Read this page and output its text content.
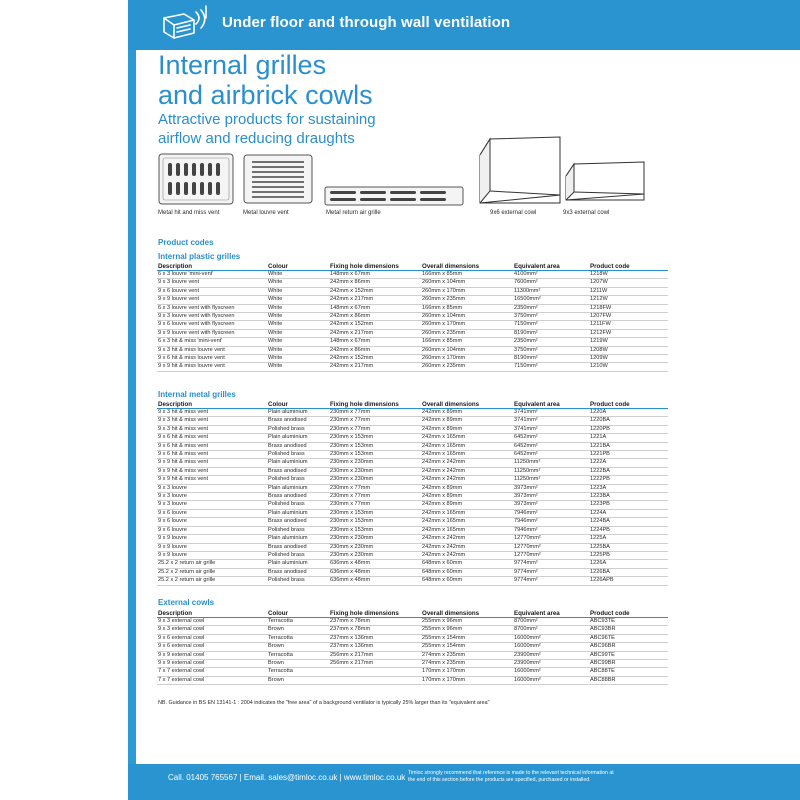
Under floor and through wall ventilation
Internal grilles
and airbrick cowls
Attractive products for sustaining
airflow and reducing draughts
Metal hit and miss vent	Metal louvre vent	Metal return air grille	9x6 external cowl	9x3 external cowl
Product codes
Internal plastic grilles
Description	Colour	Fixing hole dimensions	Overall dimensions	Equivalent area	Product code
6 x 3 louvre 'mini-vent'	White	148mm x 67mm	166mm x 85mm	4100mm²	1218W
9 x 3 louvre vent	White	242mm x 86mm	260mm x 104mm	7600mm²	1207W
9 x 6 louvre vent	White	242mm x 152mm	260mm x 170mm	11300mm²	1211W
9 x 9 louvre vent	White	242mm x 217mm	260mm x 235mm	16500mm²	1212W
6 x 3 louvre vent with flyscreen	White	148mm x 67mm	166mm x 85mm	2350mm²	1218FW
9 x 3 louvre vent with flyscreen	White	242mm x 86mm	260mm x 104mm	3750mm²	1207FW
9 x 6 louvre vent with flyscreen	White	242mm x 152mm	260mm x 170mm	7150mm²	1211FW
9 x 9 louvre vent with flyscreen	White	242mm x 217mm	260mm x 235mm	8190mm²	1212FW
6 x 3 hit & miss 'mini-vent'	White	148mm x 67mm	166mm x 85mm	2350mm²	1219W
9 x 3 hit & miss louvre vent	White	242mm x 86mm	260mm x 104mm	3750mm²	1208W
9 x 6 hit & miss louvre vent	White	242mm x 152mm	260mm x 170mm	8190mm²	1209W
9 x 9 hit & miss louvre vent	White	242mm x 217mm	260mm x 235mm	7150mm²	1210W
Internal metal grilles
Description	Colour	Fixing hole dimensions	Overall dimensions	Equivalent area	Product code
9 x 3 hit & miss vent	Plain aluminium	230mm x 77mm	242mm x 89mm	3741mm²	1220A
9 x 3 hit & miss vent	Brass anodised	230mm x 77mm	242mm x 89mm	3741mm²	1220BA
9 x 3 hit & miss vent	Polished brass	230mm x 77mm	242mm x 89mm	3741mm²	1220PB
9 x 6 hit & miss vent	Plain aluminium	230mm x 153mm	242mm x 165mm	6452mm²	1221A
9 x 6 hit & miss vent	Brass anodised	230mm x 153mm	242mm x 165mm	6452mm²	1221BA
9 x 6 hit & miss vent	Polished brass	230mm x 153mm	242mm x 165mm	6452mm²	1221PB
9 x 9 hit & miss vent	Plain aluminium	230mm x 230mm	242mm x 242mm	11250mm²	1222A
9 x 9 hit & miss vent	Brass anodised	230mm x 230mm	242mm x 242mm	11250mm²	1222BA
9 x 9 hit & miss vent	Polished brass	230mm x 230mm	242mm x 242mm	11250mm²	1222PB
9 x 3 louvre	Plain aluminium	230mm x 77mm	242mm x 89mm	3973mm²	1223A
9 x 3 louvre	Brass anodised	230mm x 77mm	242mm x 89mm	3973mm²	1223BA
9 x 3 louvre	Polished brass	230mm x 77mm	242mm x 89mm	3973mm²	1223PB
9 x 6 louvre	Plain aluminium	230mm x 153mm	242mm x 165mm	7946mm²	1224A
9 x 6 louvre	Brass anodised	230mm x 153mm	242mm x 165mm	7946mm²	1224BA
9 x 6 louvre	Polished brass	230mm x 153mm	242mm x 165mm	7946mm²	1224PB
9 x 9 louvre	Plain aluminium	230mm x 230mm	242mm x 242mm	12770mm²	1225A
9 x 9 louvre	Brass anodised	230mm x 230mm	242mm x 242mm	12770mm²	1225BA
9 x 9 louvre	Polished brass	230mm x 230mm	242mm x 242mm	12770mm²	1225PB
25.2 x 2 return air grille	Plain aluminium	636mm x 48mm	648mm x 60mm	9774mm²	1226A
25.2 x 2 return air grille	Brass anodised	636mm x 48mm	648mm x 60mm	9774mm²	1226BA
25.2 x 2 return air grille	Polished brass	636mm x 48mm	648mm x 60mm	9774mm²	1226APB
External cowls
Description	Colour	Fixing hole dimensions	Overall dimensions	Equivalent area	Product code
9 x 3 external cowl	Terracotta	237mm x 78mm	255mm x 96mm	8700mm²	ABC93TE
9 x 3 external cowl	Brown	237mm x 78mm	255mm x 96mm	8700mm²	ABC93BR
9 x 6 external cowl	Terracotta	237mm x 136mm	255mm x 154mm	16000mm²	ABC96TE
9 x 6 external cowl	Brown	237mm x 136mm	255mm x 154mm	16000mm²	ABC96BR
9 x 9 external cowl	Terracotta	256mm x 217mm	274mm x 235mm	23900mm²	ABC99TE
9 x 9 external cowl	Brown	256mm x 217mm	274mm x 235mm	23900mm²	ABC99BR
7 x 7 external cowl	Terracotta		170mm x 170mm	16000mm²	ABC88TE
7 x 7 external cowl	Brown		170mm x 170mm	16000mm²	ABC88BR
NB. Guidance in BS EN 13141-1 : 2004 indicates the "free area" of a background ventilator is typically 25% larger than its "equivalent area"
Call. 01405 765567 | Email. sales@timloc.co.uk | www.timloc.co.uk Timloc strongly recommend that reference is made to the relevant technical information at the end of this section before the products are specified, purchased or installed.
